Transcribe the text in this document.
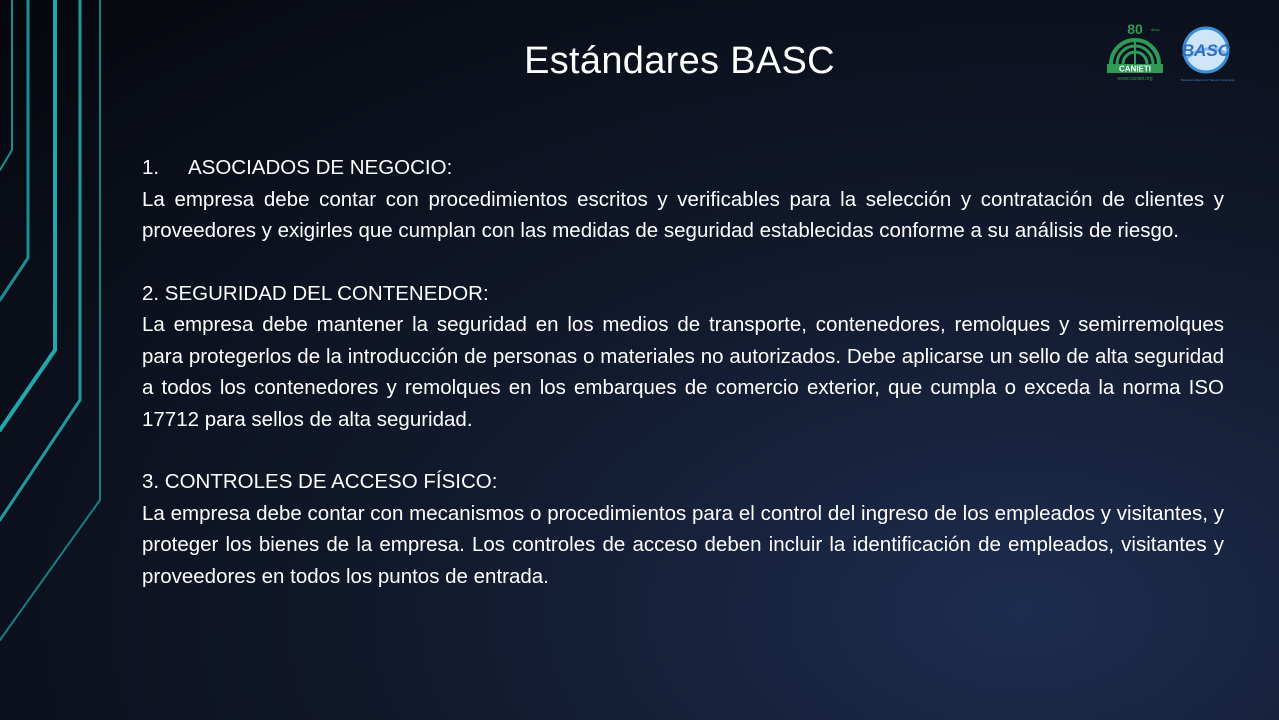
Estándares BASC
80 años
CANIETI
www.canieti.org
BASC
Business Alliance for Secure Commerce
1. ASOCIADOS DE NEGOCIO:
La empresa debe contar con procedimientos escritos y verificables para la selección y contratación de clientes y proveedores y exigirles que cumplan con las medidas de seguridad establecidas conforme a su análisis de riesgo.
2. SEGURIDAD DEL CONTENEDOR:
La empresa debe mantener la seguridad en los medios de transporte, contenedores, remolques y semirremolques para protegerlos de la introducción de personas o materiales no autorizados. Debe aplicarse un sello de alta seguridad a todos los contenedores y remolques en los embarques de comercio exterior, que cumpla o exceda la norma ISO 17712 para sellos de alta seguridad.
3. CONTROLES DE ACCESO FÍSICO:
La empresa debe contar con mecanismos o procedimientos para el control del ingreso de los empleados y visitantes, y proteger los bienes de la empresa. Los controles de acceso deben incluir la identificación de empleados, visitantes y proveedores en todos los puntos de entrada.
